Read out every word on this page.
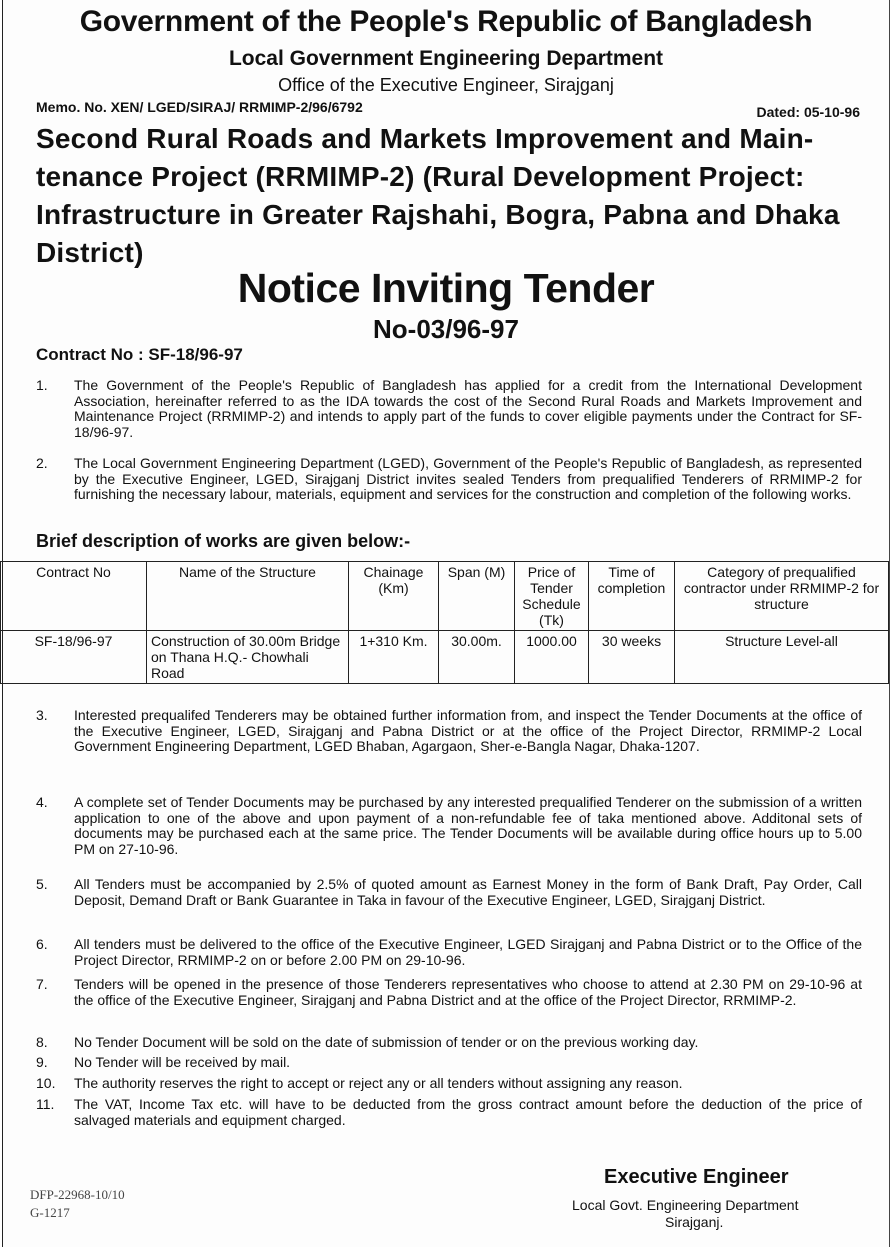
Government of the People's Republic of Bangladesh
Local Government Engineering Department
Office of the Executive Engineer, Sirajganj
Memo. No. XEN/ LGED/SIRAJ/ RRMIMP-2/96/6792	Dated: 05-10-96
Second Rural Roads and Markets Improvement and Main-tenance Project (RRMIMP-2) (Rural Development Project: Infrastructure in Greater Rajshahi, Bogra, Pabna and Dhaka District)
Notice Inviting Tender
No-03/96-97
Contract No : SF-18/96-97
1. The Government of the People's Republic of Bangladesh has applied for a credit from the International Development Association, hereinafter referred to as the IDA towards the cost of the Second Rural Roads and Markets Improvement and Maintenance Project (RRMIMP-2) and intends to apply part of the funds to cover eligible payments under the Contract for SF-18/96-97.
2. The Local Government Engineering Department (LGED), Government of the People's Republic of Bangladesh, as represented by the Executive Engineer, LGED, Sirajganj District invites sealed Tenders from prequalified Tenderers of RRMIMP-2 for furnishing the necessary labour, materials, equipment and services for the construction and completion of the following works.
Brief description of works are given below:-
Contract No	Name of the Structure	Chainage (Km)	Span (M)	Price of Tender Schedule (Tk)	Time of completion	Category of prequalified contractor under RRMIMP-2 for structure
SF-18/96-97	Construction of 30.00m Bridge on Thana H.Q.- Chowhali Road	1+310 Km.	30.00m.	1000.00	30 weeks	Structure Level-all
3. Interested prequalifed Tenderers may be obtained further information from, and inspect the Tender Documents at the office of the Executive Engineer, LGED, Sirajganj and Pabna District or at the office of the Project Director, RRMIMP-2 Local Government Engineering Department, LGED Bhaban, Agargaon, Sher-e-Bangla Nagar, Dhaka-1207.
4. A complete set of Tender Documents may be purchased by any interested prequalified Tenderer on the submission of a written application to one of the above and upon payment of a non-refundable fee of taka mentioned above. Additonal sets of documents may be purchased each at the same price. The Tender Documents will be available during office hours up to 5.00 PM on 27-10-96.
5. All Tenders must be accompanied by 2.5% of quoted amount as Earnest Money in the form of Bank Draft, Pay Order, Call Deposit, Demand Draft or Bank Guarantee in Taka in favour of the Executive Engineer, LGED, Sirajganj District.
6. All tenders must be delivered to the office of the Executive Engineer, LGED Sirajganj and Pabna District or to the Office of the Project Director, RRMIMP-2 on or before 2.00 PM on 29-10-96.
7. Tenders will be opened in the presence of those Tenderers representatives who choose to attend at 2.30 PM on 29-10-96 at the office of the Executive Engineer, Sirajganj and Pabna District and at the office of the Project Director, RRMIMP-2.
8. No Tender Document will be sold on the date of submission of tender or on the previous working day.
9. No Tender will be received by mail.
10. The authority reserves the right to accept or reject any or all tenders without assigning any reason.
11. The VAT, Income Tax etc. will have to be deducted from the gross contract amount before the deduction of the price of salvaged materials and equipment charged.
Executive Engineer
Local Govt. Engineering Department
Sirajganj.
DFP-22968-10/10
G-1217
